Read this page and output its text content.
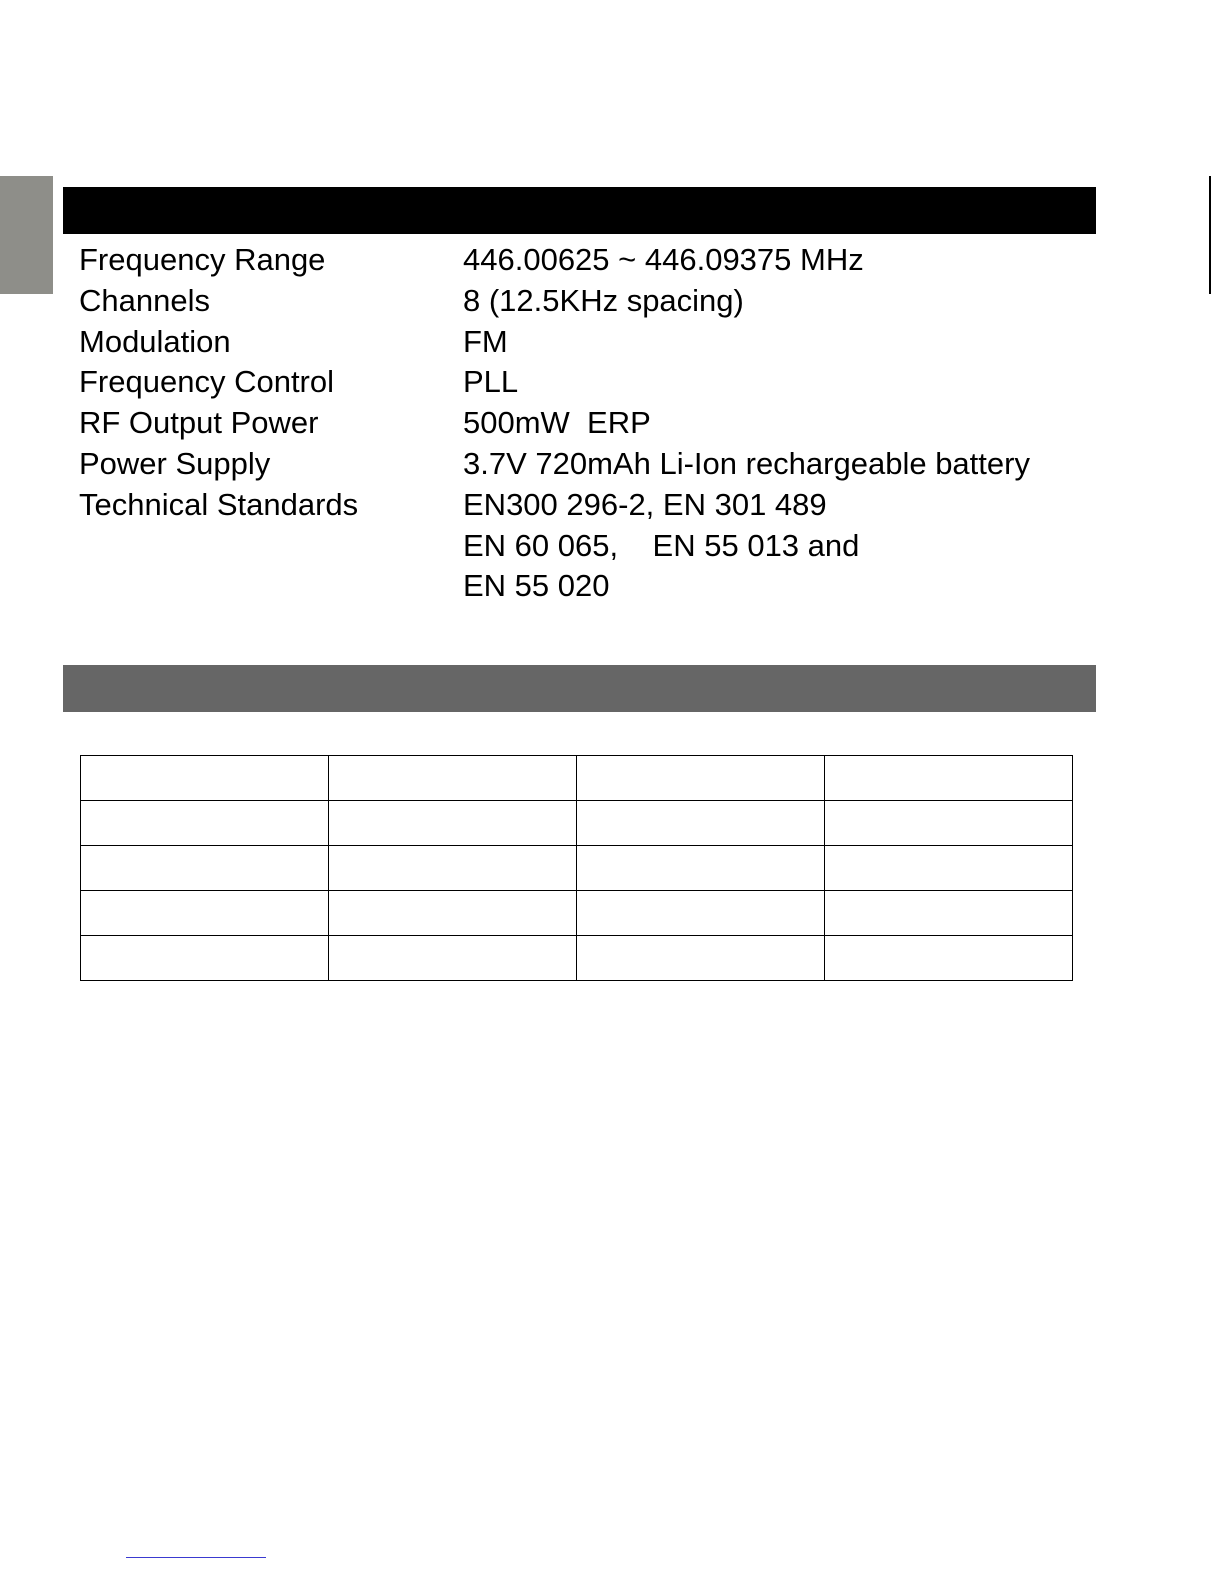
Frequency Range	446.00625 ~ 446.09375 MHz
Channels	8 (12.5KHz spacing)
Modulation	FM
Frequency Control	PLL
RF Output Power	500mW  ERP
Power Supply	3.7V 720mAh Li-Ion rechargeable battery
Technical Standards	EN300 296-2, EN 301 489
EN 60 065,    EN 55 013 and
EN 55 020
